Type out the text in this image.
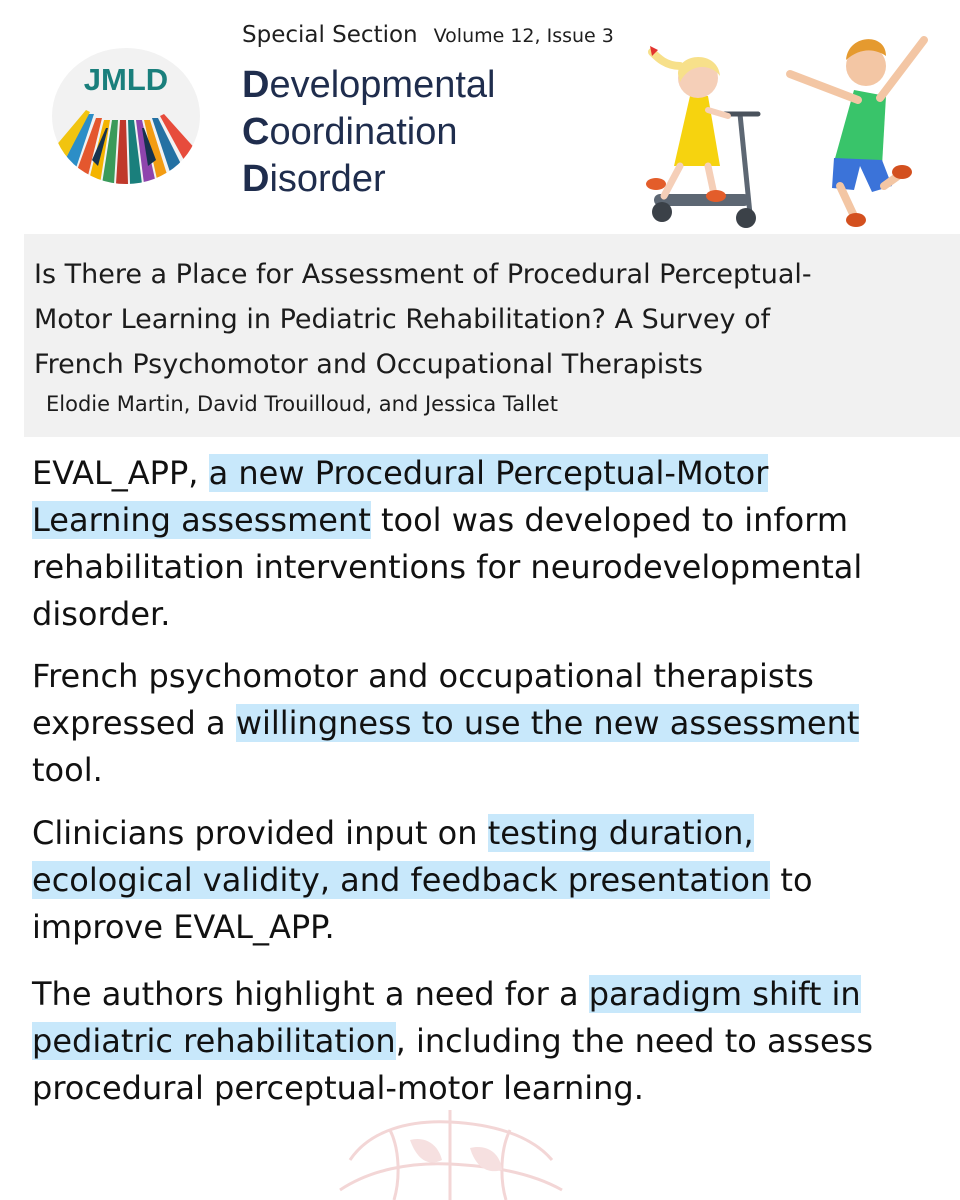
JMLD
Special Section Volume 12, Issue 3
Developmental
Coordination
Disorder
Is There a Place for Assessment of Procedural Perceptual-
Motor Learning in Pediatric Rehabilitation? A Survey of
French Psychomotor and Occupational Therapists
Elodie Martin, David Trouilloud, and Jessica Tallet
EVAL_APP, a new Procedural Perceptual-Motor
Learning assessment tool was developed to inform
rehabilitation interventions for neurodevelopmental
disorder.
French psychomotor and occupational therapists
expressed a willingness to use the new assessment
tool.
Clinicians provided input on testing duration,
ecological validity, and feedback presentation to
improve EVAL_APP.
The authors highlight a need for a paradigm shift in
pediatric rehabilitation, including the need to assess
procedural perceptual-motor learning.
